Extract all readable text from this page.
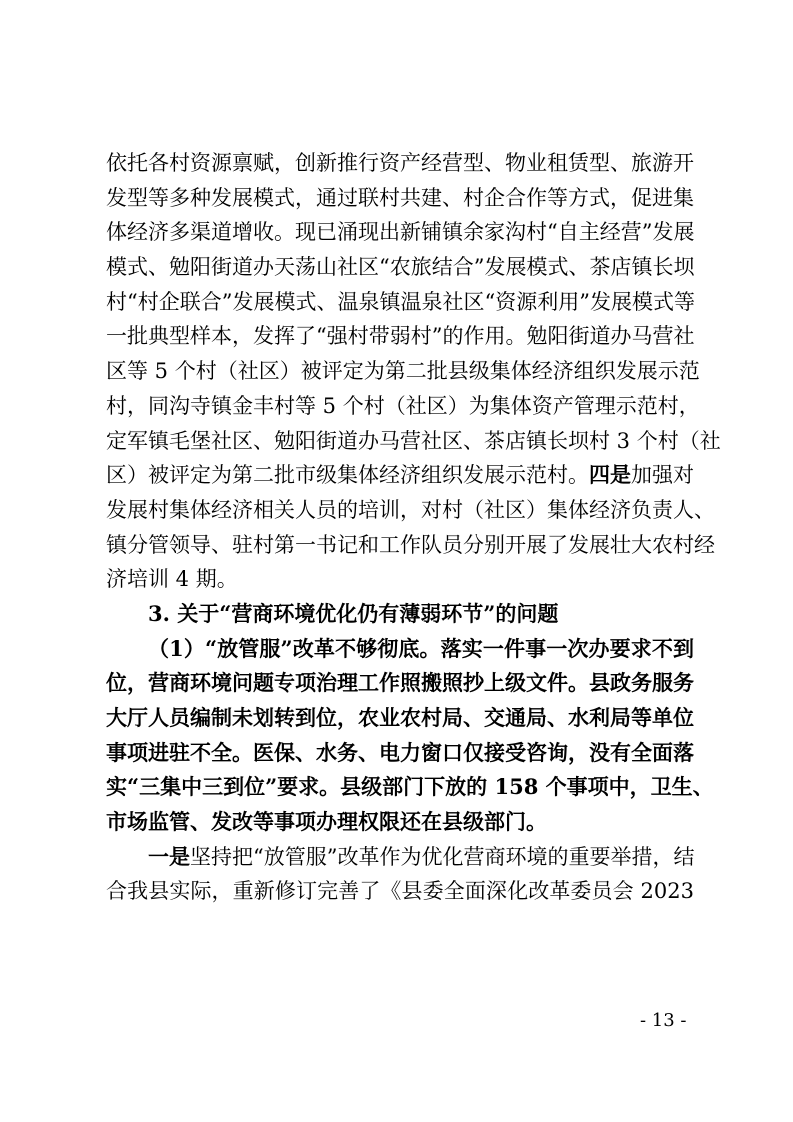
依托各村资源禀赋，创新推行资产经营型、物业租赁型、旅游开
发型等多种发展模式，通过联村共建、村企合作等方式，促进集
体经济多渠道增收。现已涌现出新铺镇余家沟村“自主经营”发展
模式、勉阳街道办天荡山社区“农旅结合”发展模式、茶店镇长坝
村“村企联合”发展模式、温泉镇温泉社区“资源利用”发展模式等
一批典型样本，发挥了“强村带弱村”的作用。勉阳街道办马营社
区等 5 个村（社区）被评定为第二批县级集体经济组织发展示范
村，同沟寺镇金丰村等 5 个村（社区）为集体资产管理示范村，
定军镇毛堡社区、勉阳街道办马营社区、茶店镇长坝村 3 个村（社
区）被评定为第二批市级集体经济组织发展示范村。四是加强对
发展村集体经济相关人员的培训，对村（社区）集体经济负责人、
镇分管领导、驻村第一书记和工作队员分别开展了发展壮大农村经
济培训 4 期。
3. 关于“营商环境优化仍有薄弱环节”的问题
（1）“放管服”改革不够彻底。落实一件事一次办要求不到
位，营商环境问题专项治理工作照搬照抄上级文件。县政务服务
大厅人员编制未划转到位，农业农村局、交通局、水利局等单位
事项进驻不全。医保、水务、电力窗口仅接受咨询，没有全面落
实“三集中三到位”要求。县级部门下放的 158 个事项中，卫生、
市场监管、发改等事项办理权限还在县级部门。
一是坚持把“放管服”改革作为优化营商环境的重要举措，结
合我县实际，重新修订完善了《县委全面深化改革委员会 2023
- 13 -
